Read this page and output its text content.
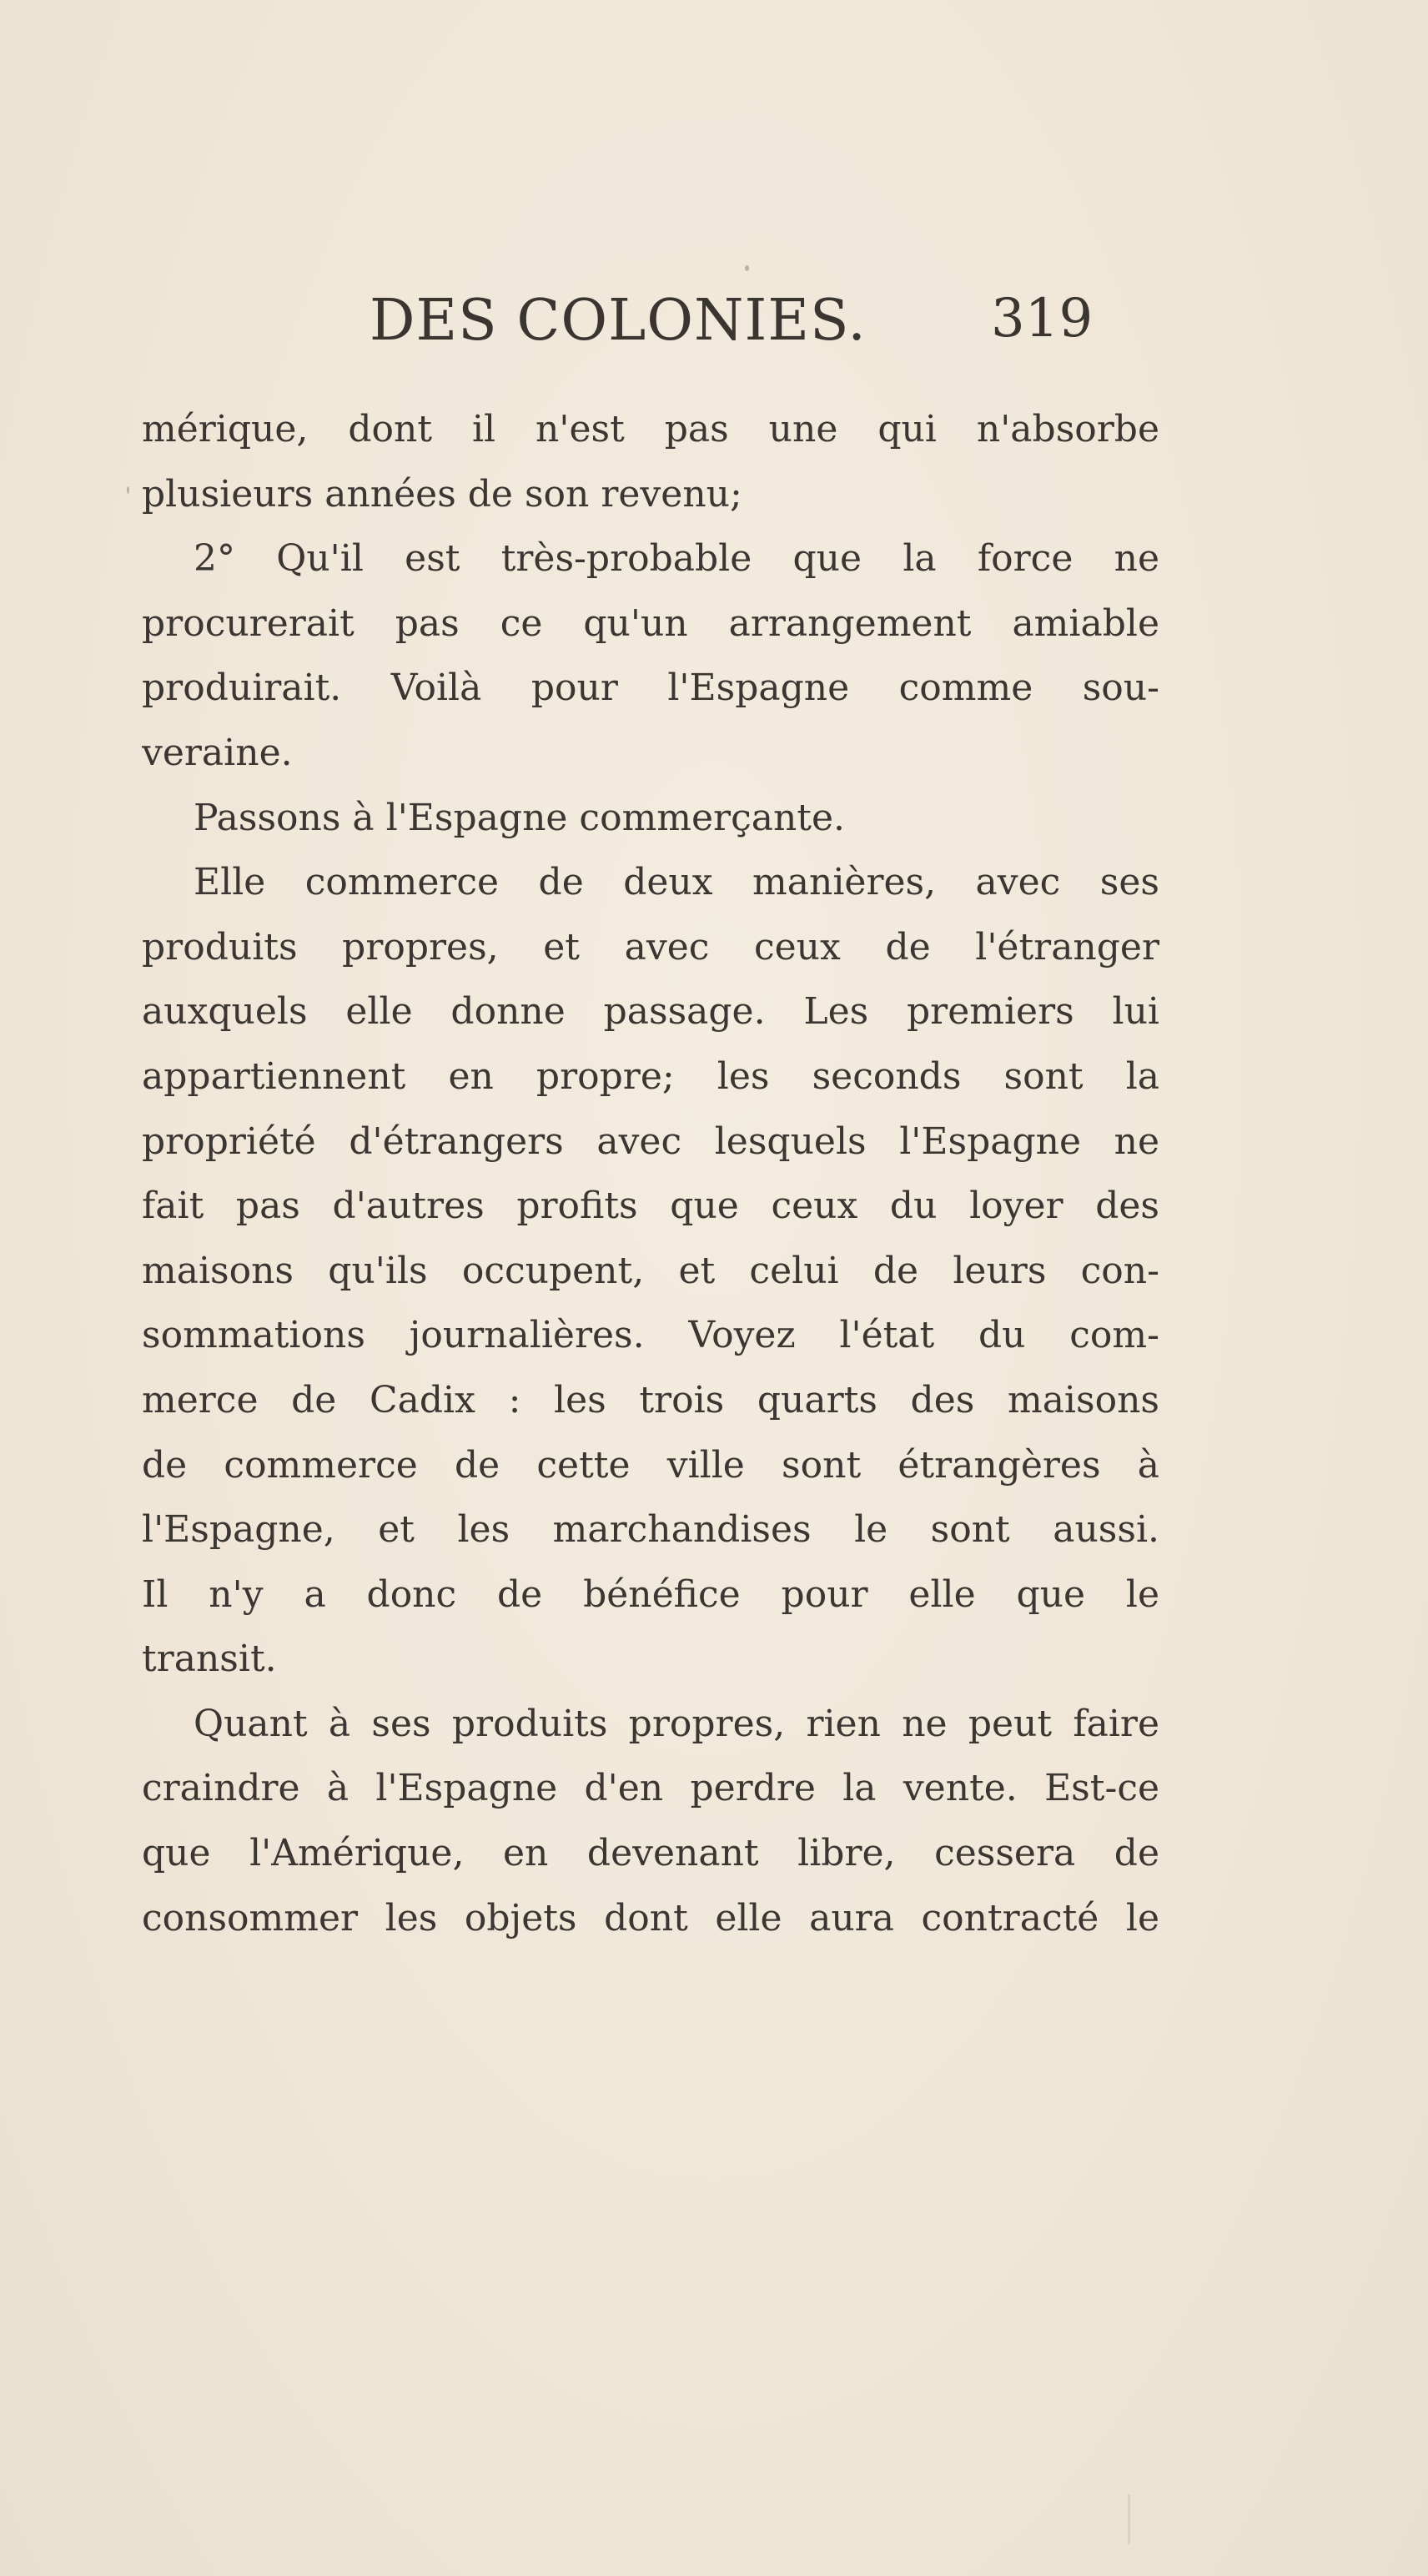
DES COLONIES. 319
mérique, dont il n'est pas une qui n'absorbe
plusieurs années de son revenu;
2° Qu'il est très-probable que la force ne
procurerait pas ce qu'un arrangement amiable
produirait. Voilà pour l'Espagne comme sou-
veraine.
Passons à l'Espagne commerçante.
Elle commerce de deux manières, avec ses
produits propres, et avec ceux de l'étranger
auxquels elle donne passage. Les premiers lui
appartiennent en propre; les seconds sont la
propriété d'étrangers avec lesquels l'Espagne ne
fait pas d'autres profits que ceux du loyer des
maisons qu'ils occupent, et celui de leurs con-
sommations journalières. Voyez l'état du com-
merce de Cadix : les trois quarts des maisons
de commerce de cette ville sont étrangères à
l'Espagne, et les marchandises le sont aussi.
Il n'y a donc de bénéfice pour elle que le
transit.
Quant à ses produits propres, rien ne peut faire
craindre à l'Espagne d'en perdre la vente. Est-ce
que l'Amérique, en devenant libre, cessera de
consommer les objets dont elle aura contracté le
